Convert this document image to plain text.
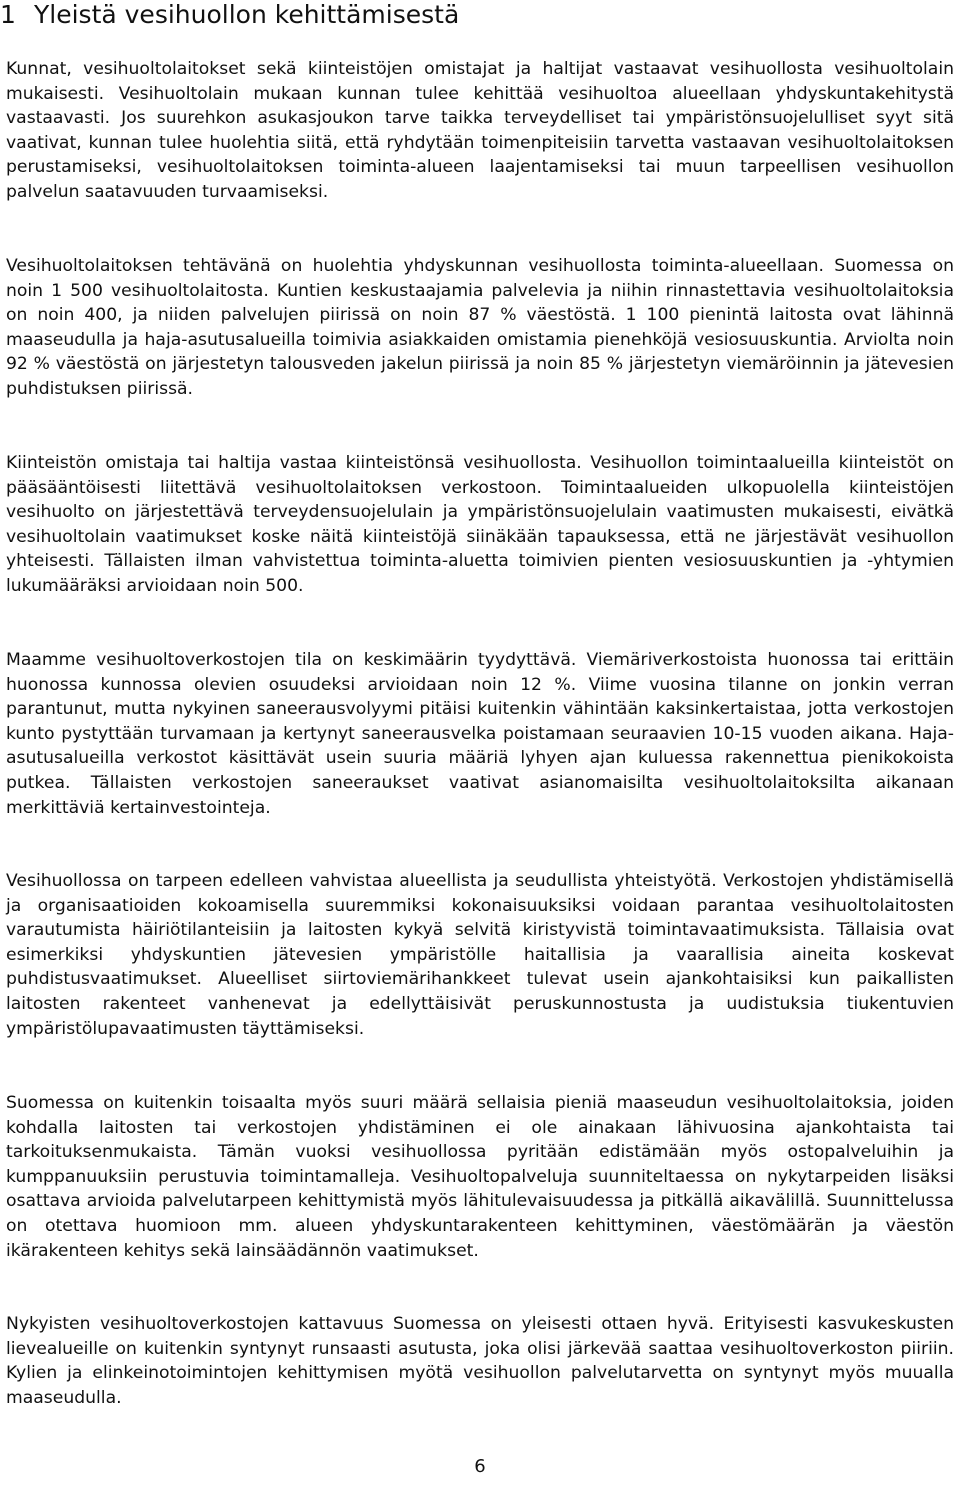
1 Yleistä vesihuollon kehittämisestä

Kunnat, vesihuoltolaitokset sekä kiinteistöjen omistajat ja haltijat vastaavat vesihuollosta vesihuoltolain mukaisesti. Vesihuoltolain mukaan kunnan tulee kehittää vesihuoltoa alueellaan yhdyskuntakehitystä vastaavasti. Jos suurehkon asukasjoukon tarve taikka terveydelliset tai ympäristönsuojelulliset syyt sitä vaativat, kunnan tulee huolehtia siitä, että ryhdytään toimenpiteisiin tarvetta vastaavan vesihuoltolaitoksen perustamiseksi, vesihuoltolaitoksen toiminta-alueen laajentamiseksi tai muun tarpeellisen vesihuollon palvelun saatavuuden turvaamiseksi.

Vesihuoltolaitoksen tehtävänä on huolehtia yhdyskunnan vesihuollosta toiminta-alueellaan. Suomessa on noin 1 500 vesihuoltolaitosta. Kuntien keskustaajamia palvelevia ja niihin rinnastettavia vesihuoltolaitoksia on noin 400, ja niiden palvelujen piirissä on noin 87 % väestöstä. 1 100 pienintä laitosta ovat lähinnä maaseudulla ja haja-asutusalueilla toimivia asiakkaiden omistamia pienehköjä vesiosuuskuntia. Arviolta noin 92 % väestöstä on järjestetyn talousveden jakelun piirissä ja noin 85 % järjestetyn viemäröinnin ja jätevesien puhdistuksen piirissä.

Kiinteistön omistaja tai haltija vastaa kiinteistönsä vesihuollosta. Vesihuollon toimintaalueilla kiinteistöt on pääsääntöisesti liitettävä vesihuoltolaitoksen verkostoon. Toimintaalueiden ulkopuolella kiinteistöjen vesihuolto on järjestettävä terveydensuojelulain ja ympäristönsuojelulain vaatimusten mukaisesti, eivätkä vesihuoltolain vaatimukset koske näitä kiinteistöjä siinäkään tapauksessa, että ne järjestävät vesihuollon yhteisesti. Tällaisten ilman vahvistettua toiminta-aluetta toimivien pienten vesiosuuskuntien ja -yhtymien lukumääräksi arvioidaan noin 500.

Maamme vesihuoltoverkostojen tila on keskimäärin tyydyttävä. Viemäriverkostoista huonossa tai erittäin huonossa kunnossa olevien osuudeksi arvioidaan noin 12 %. Viime vuosina tilanne on jonkin verran parantunut, mutta nykyinen saneerausvolyymi pitäisi kuitenkin vähintään kaksinkertaistaa, jotta verkostojen kunto pystyttään turvamaan ja kertynyt saneerausvelka poistamaan seuraavien 10-15 vuoden aikana. Haja-asutusalueilla verkostot käsittävät usein suuria määriä lyhyen ajan kuluessa rakennettua pienikokoista putkea. Tällaisten verkostojen saneeraukset vaativat asianomaisilta vesihuoltolaitoksilta aikanaan merkittäviä kertainvestointeja.

Vesihuollossa on tarpeen edelleen vahvistaa alueellista ja seudullista yhteistyötä. Verkostojen yhdistämisellä ja organisaatioiden kokoamisella suuremmiksi kokonaisuuksiksi voidaan parantaa vesihuoltolaitosten varautumista häiriötilanteisiin ja laitosten kykyä selvitä kiristyvistä toimintavaatimuksista. Tällaisia ovat esimerkiksi yhdyskuntien jätevesien ympäristölle haitallisia ja vaarallisia aineita koskevat puhdistusvaatimukset. Alueelliset siirtoviemärihankkeet tulevat usein ajankohtaisiksi kun paikallisten laitosten rakenteet vanhenevat ja edellyttäisivät peruskunnostusta ja uudistuksia tiukentuvien ympäristölupavaatimusten täyttämiseksi.

Suomessa on kuitenkin toisaalta myös suuri määrä sellaisia pieniä maaseudun vesihuoltolaitoksia, joiden kohdalla laitosten tai verkostojen yhdistäminen ei ole ainakaan lähivuosina ajankohtaista tai tarkoituksenmukaista. Tämän vuoksi vesihuollossa pyritään edistämään myös ostopalveluihin ja kumppanuuksiin perustuvia toimintamalleja. Vesihuoltopalveluja suunniteltaessa on nykytarpeiden lisäksi osattava arvioida palvelutarpeen kehittymistä myös lähitulevaisuudessa ja pitkällä aikavälillä. Suunnittelussa on otettava huomioon mm. alueen yhdyskuntarakenteen kehittyminen, väestömäärän ja väestön ikärakenteen kehitys sekä lainsäädännön vaatimukset.

Nykyisten vesihuoltoverkostojen kattavuus Suomessa on yleisesti ottaen hyvä. Erityisesti kasvukeskusten lievealueille on kuitenkin syntynyt runsaasti asutusta, joka olisi järkevää saattaa vesihuoltoverkoston piiriin. Kylien ja elinkeinotoimintojen kehittymisen myötä vesihuollon palvelutarvetta on syntynyt myös muualla maaseudulla.

6
